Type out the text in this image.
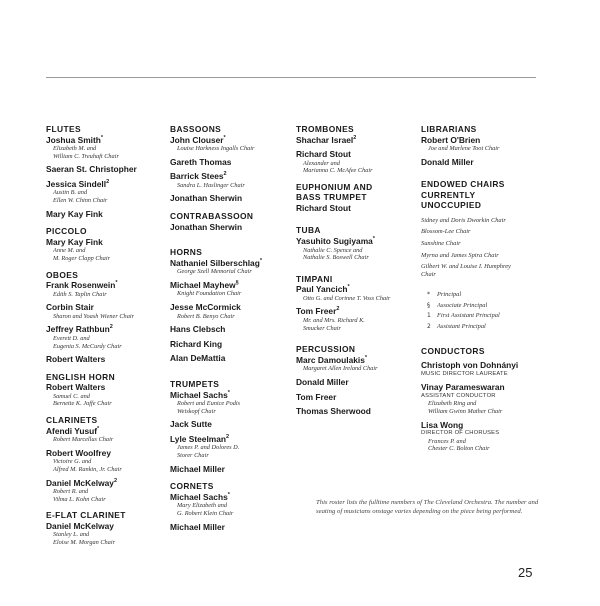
FLUTES
Joshua Smith*
Elizabeth M. and
William C. Treuhaft Chair
Saeran St. Christopher
Jessica Sindell$^2$
Austin B. and
Ellen W. Chinn Chair
Mary Kay Fink
PICCOLO
Mary Kay Fink
Anne M. and
M. Roger Clapp Chair
OBOES
Frank Rosenwein*
Edith S. Taplin Chair
Corbin Stair
Sharon and Yoash Wiener Chair
Jeffrey Rathbun$^2$
Everett D. and
Eugenia S. McCurdy Chair
Robert Walters
ENGLISH HORN
Robert Walters
Samuel C. and
Bernette K. Jaffe Chair
CLARINETS
Afendi Yusuf*
Robert Marcellus Chair
Robert Woolfrey
Victoire G. and
Alfred M. Rankin, Jr. Chair
Daniel McKelway$^2$
Robert R. and
Vilma L. Kohn Chair
E-FLAT CLARINET
Daniel McKelway
Stanley L. and
Eloise M. Morgan Chair
BASSOONS
John Clouser*
Louise Harkness Ingalls Chair
Gareth Thomas
Barrick Stees$^2$
Sandra L. Haslinger Chair
Jonathan Sherwin
CONTRABASSOON
Jonathan Sherwin
HORNS
Nathaniel Silberschlag*
George Szell Memorial Chair
Michael Mayhew§
Knight Foundation Chair
Jesse McCormick
Robert B. Benyo Chair
Hans Clebsch
Richard King
Alan DeMattia
TRUMPETS
Michael Sachs*
Robert and Eunice Podis
Weiskopf Chair
Jack Sutte
Lyle Steelman$^2$
James P. and Dolores D.
Storer Chair
Michael Miller
CORNETS
Michael Sachs*
Mary Elizabeth and
G. Robert Klein Chair
Michael Miller
TROMBONES
Shachar Israel$^2$
Richard Stout
Alexander and
Marianna C. McAfee Chair
EUPHONIUM AND
BASS TRUMPET
Richard Stout
TUBA
Yasuhito Sugiyama*
Nathalie C. Spence and
Nathalie S. Boswell Chair
TIMPANI
Paul Yancich*
Otto G. and Corinne T. Voss Chair
Tom Freer$^2$
Mr. and Mrs. Richard K.
Smucker Chair
PERCUSSION
Marc Damoulakis*
Margaret Allen Ireland Chair
Donald Miller
Tom Freer
Thomas Sherwood
LIBRARIANS
Robert O'Brien
Joe and Marlene Toot Chair
Donald Miller
ENDOWED CHAIRS
CURRENTLY
UNOCCUPIED
Sidney and Doris Dworkin Chair
Blossom-Lee Chair
Sunshine Chair
Myrna and James Spira Chair
Gilbert W. and Louise I. Humphrey
Chair
* Principal
§ Associate Principal
1 First Assistant Principal
2 Assistant Principal
CONDUCTORS
Christoph von Dohnányi
MUSIC DIRECTOR LAUREATE
Vinay Parameswaran
ASSISTANT CONDUCTOR
Elizabeth Ring and
William Gwinn Mather Chair
Lisa Wong
DIRECTOR OF CHORUSES
Frances P. and
Chester C. Bolton Chair
This roster lists the fulltime members of The Cleveland Orchestra. The number and seating of musicians onstage varies depending on the piece being performed.
25
